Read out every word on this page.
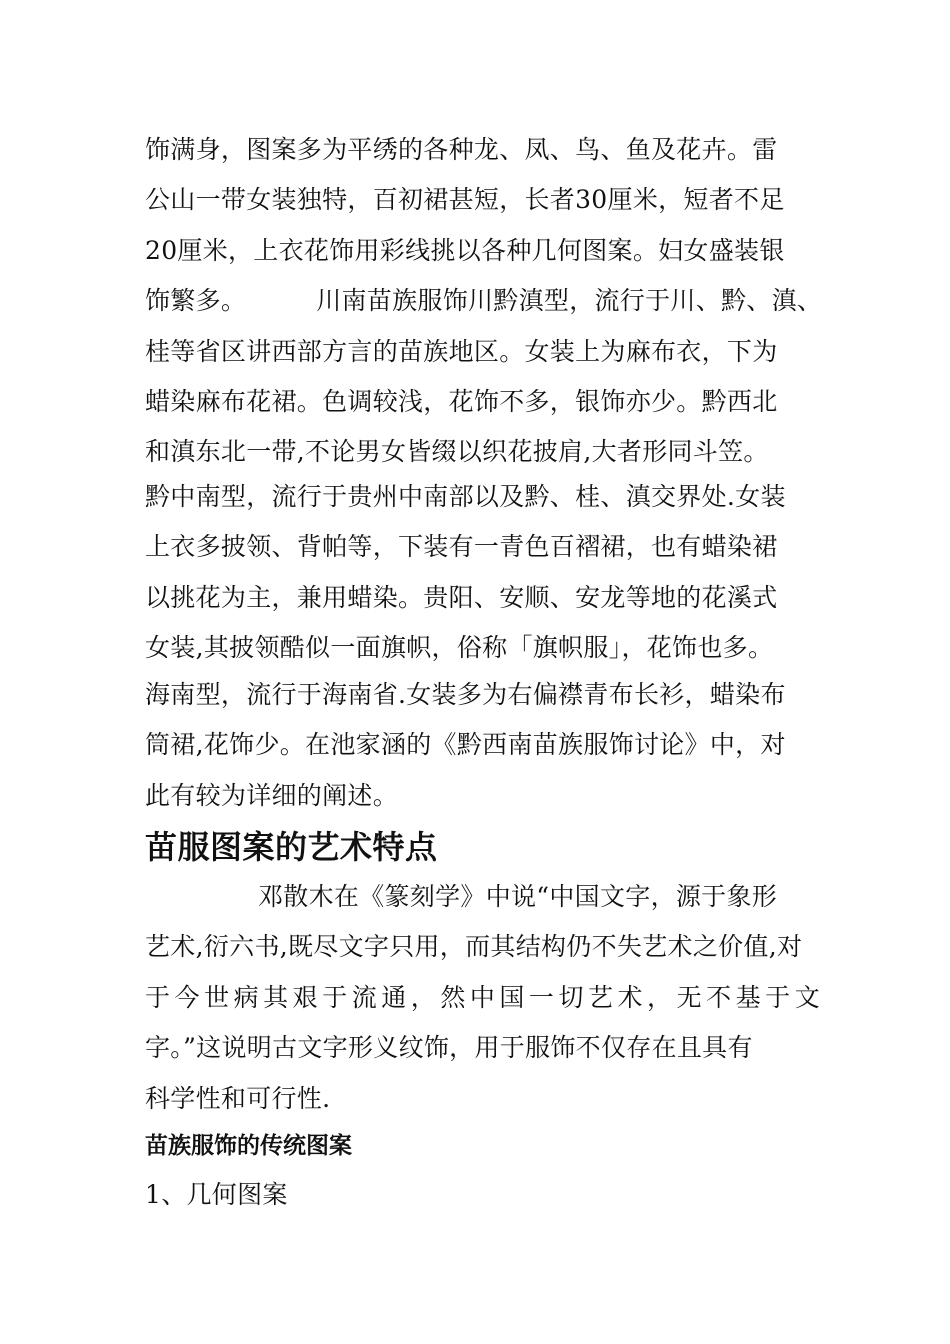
饰满身，图案多为平绣的各种龙、凤、鸟、鱼及花卉。雷
公山一带女装独特，百初裙甚短，长者30厘米，短者不足
20厘米，上衣花饰用彩线挑以各种几何图案。妇女盛装银
饰繁多。	川南苗族服饰川黔滇型，流行于川、黔、滇、
桂等省区讲西部方言的苗族地区。女装上为麻布衣，下为
蜡染麻布花裙。色调较浅，花饰不多，银饰亦少。黔西北
和滇东北一带,不论男女皆缀以织花披肩,大者形同斗笠。
黔中南型，流行于贵州中南部以及黔、桂、滇交界处.女装
上衣多披领、背帕等，下装有一青色百褶裙，也有蜡染裙
以挑花为主，兼用蜡染。贵阳、安顺、安龙等地的花溪式
女装,其披领酷似一面旗帜，俗称「旗帜服」，花饰也多。
海南型，流行于海南省.女装多为右偏襟青布长衫，蜡染布
筒裙,花饰少。在池家涵的《黔西南苗族服饰讨论》中，对
此有较为详细的阐述。
苗服图案的艺术特点
邓散木在《篆刻学》中说“中国文字，源于象形
艺术,衍六书,既尽文字只用，而其结构仍不失艺术之价值,对
于今世病其艰于流通，然中国一切艺术，无不基于文
字。”这说明古文字形义纹饰，用于服饰不仅存在且具有
科学性和可行性.
苗族服饰的传统图案
1、几何图案
